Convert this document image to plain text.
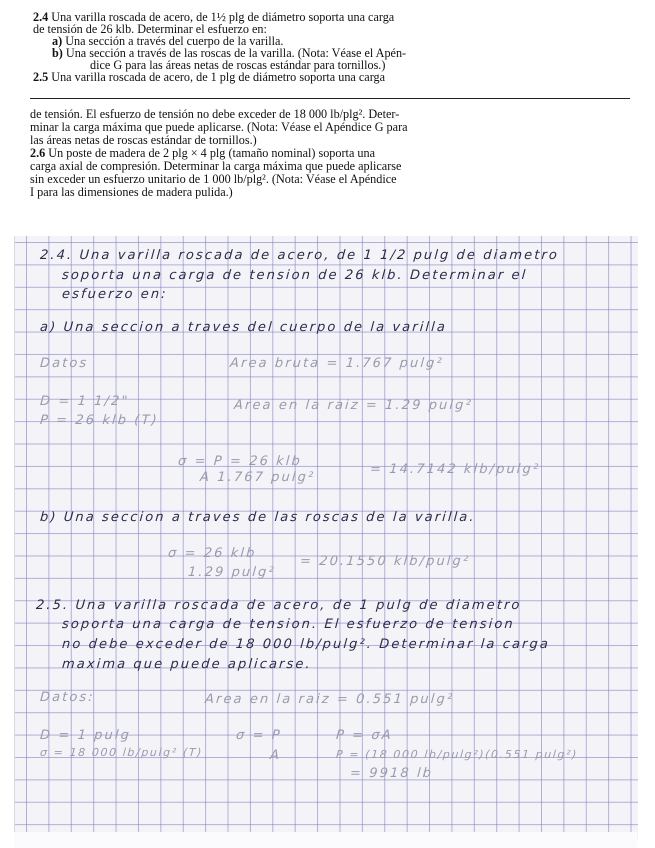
2.4 Una varilla roscada de acero, de 1½ plg de diámetro soporta una carga
de tensión de 26 klb. Determinar el esfuerzo en:
a) Una sección a través del cuerpo de la varilla.
b) Una sección a través de las roscas de la varilla. (Nota: Véase el Apén-
dice G para las áreas netas de roscas estándar para tornillos.)
2.5 Una varilla roscada de acero, de 1 plg de diámetro soporta una carga
de tensión. El esfuerzo de tensión no debe exceder de 18 000 lb/plg². Deter-
minar la carga máxima que puede aplicarse. (Nota: Véase el Apéndice G para
las áreas netas de roscas estándar de tornillos.)
2.6 Un poste de madera de 2 plg × 4 plg (tamaño nominal) soporta una
carga axial de compresión. Determinar la carga máxima que puede aplicarse
sin exceder un esfuerzo unitario de 1 000 lb/plg². (Nota: Véase el Apéndice
I para las dimensiones de madera pulida.)
2.4. Una varilla roscada de acero, de 1 1/2 pulg de diametro
soporta una carga de tension de 26 klb. Determinar el
esfuerzo en:
a) Una seccion a traves del cuerpo de la varilla
Datos	Area bruta = 1.767 pulg²
D = 1 1/2"	Area en la raiz = 1.29 pulg²
P = 26 klb (T)
σ = P = 26 klb
= 14.7142 klb/pulg²
A 1.767 pulg²
b) Una seccion a traves de las roscas de la varilla.
σ = 26 klb
= 20.1550 klb/pulg²
1.29 pulg²
2.5. Una varilla roscada de acero, de 1 pulg de diametro
soporta una carga de tension. El esfuerzo de tension
no debe exceder de 18 000 lb/pulg². Determinar la carga
maxima que puede aplicarse.
Datos:	Area en la raiz = 0.551 pulg²
D = 1 pulg	σ = P	P = σA
σ = 18 000 lb/pulg² (T)	A	P = (18 000 lb/pulg²)(0.551 pulg²)
= 9918 lb
